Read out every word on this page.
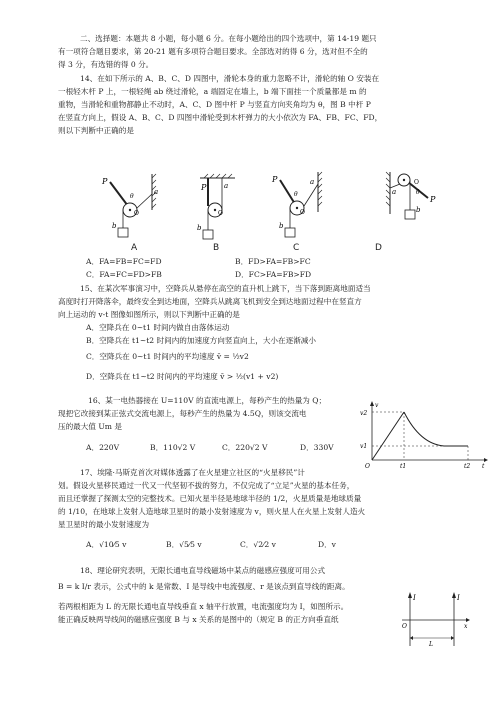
二、选择题：本题共 8 小题，每小题 6 分。在每小题给出的四个选项中，第 14-19 题只
有一项符合题目要求，第 20-21 题有多项符合题目要求。全部选对的得 6 分，选对但不全的
得 3 分，有选错的得 0 分。
14、在如下所示的 A、B、C、D 四图中，滑轮本身的重力忽略不计，滑轮的轴 O 安装在
一根轻木杆 P 上，一根轻绳 ab 绕过滑轮，a 端固定在墙上，b 端下面挂一个质量都是 m 的
重物，当滑轮和重物都静止不动时，A、C、D 图中杆 P 与竖直方向夹角均为 θ，图 B 中杆 P
在竖直方向上，假设 A、B、C、D 四图中滑轮受到木杆弹力的大小依次为 FA、FB、FC、FD，
则以下判断中正确的是
P
a
b
O
θ
P	a
b
O
P	a
b
O
θ
P
a
b
O
θ
A	B	C	D
A．FA=FB=FC=FD	B．FD>FA=FB>FC
C．FA=FC=FD>FB	D．FC>FA=FB>FD
15、在某次军事演习中，空降兵从悬停在高空的直升机上跳下，当下落到距离地面适当
高度时打开降落伞，最终安全到达地面，空降兵从跳离飞机到安全到达地面过程中在竖直方
向上运动的 v-t 图像如图所示，则以下判断中正确的是
A．空降兵在 0~t1 时间内做自由落体运动
B．空降兵在 t1~t2 时间内的加速度方向竖直向上，大小在逐渐减小
C．空降兵在 0~t1 时间内的平均速度 v̄ = ½v2
D．空降兵在 t1~t2 时间内的平均速度 v̄ > ½(v1 + v2)
16、某一电热器接在 U=110V 的直流电源上，每秒产生的热量为 Q；
现把它改接到某正弦式交流电源上，每秒产生的热量为 4.5Q，则该交流电
压的最大值 Um 是
A．220V	B．110√2 V	C．220√2 V	D．330V
v2
v1
O	t1	t2 t
v
17、埃隆·马斯克首次对媒体透露了在火星建立社区的“火星移民”计
划。假设火星移民通过一代又一代坚韧不拔的努力，不仅完成了“立足”火星的基本任务，
而且还掌握了探测太空的完整技术。已知火星半径是地球半径的 1/2，火星质量是地球质量
的 1/10，在地球上发射人造地球卫星时的最小发射速度为 v，则火星人在火星上发射人造火
星卫星时的最小发射速度为
A．√10⁄5 v	B．√5⁄5 v	C．√2⁄2 v	D．v
18、理论研究表明，无限长通电直导线磁场中某点的磁感应强度可用公式
B = k I/r 表示，公式中的 k 是常数、I 是导线中电流强度、r 是该点到直导线的距离。
若两根相距为 L 的无限长通电直导线垂直 x 轴平行放置，电流强度均为 I，如图所示。
能正确反映两导线间的磁感应强度 B 与 x 关系的是图中的（规定 B 的正方向垂直纸
I	I
O	x
L
